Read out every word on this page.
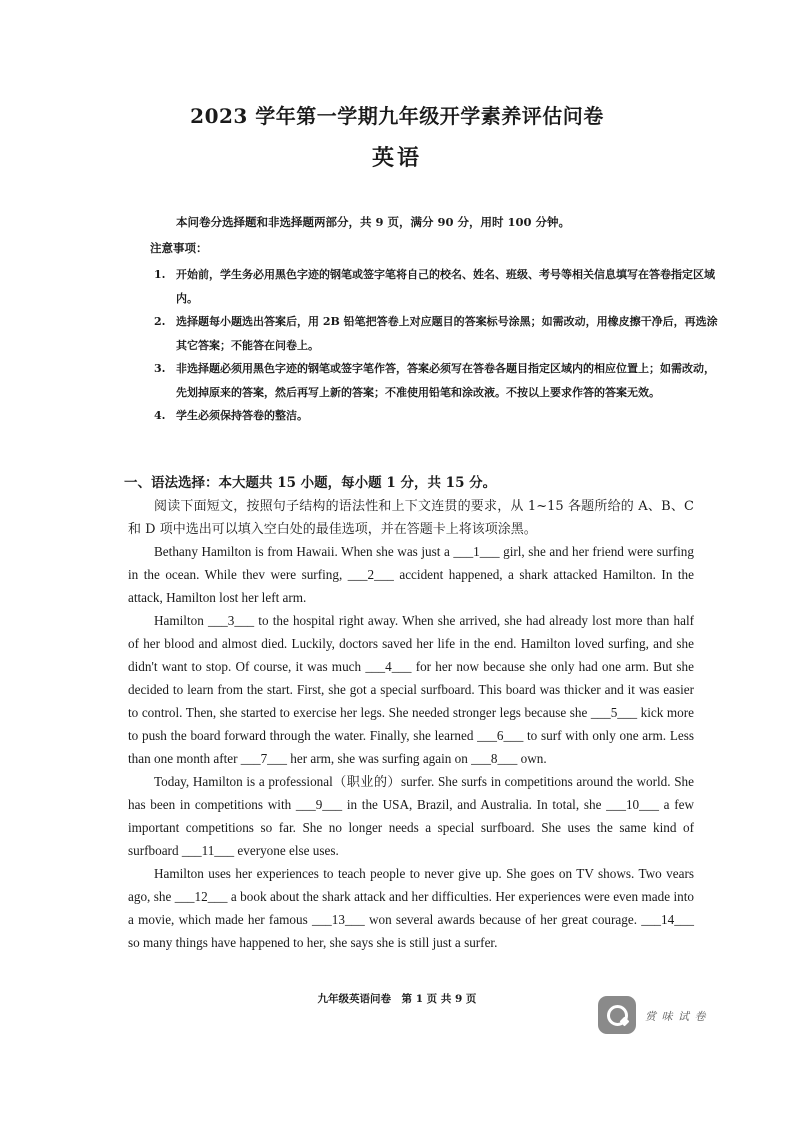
2023 学年第一学期九年级开学素养评估问卷
英语
本问卷分选择题和非选择题两部分，共 9 页，满分 90 分，用时 100 分钟。
注意事项：
1. 开始前，学生务必用黑色字迹的钢笔或签字笔将自己的校名、姓名、班级、考号等相关信息填写在答卷指定区域内。
2. 选择题每小题选出答案后，用 2B 铅笔把答卷上对应题目的答案标号涂黑；如需改动，用橡皮擦干净后，再选涂其它答案；不能答在问卷上。
3. 非选择题必须用黑色字迹的钢笔或签字笔作答，答案必须写在答卷各题目指定区域内的相应位置上；如需改动，先划掉原来的答案，然后再写上新的答案；不准使用铅笔和涂改液。不按以上要求作答的答案无效。
4. 学生必须保持答卷的整洁。
一、语法选择：本大题共 15 小题，每小题 1 分，共 15 分。
阅读下面短文，按照句子结构的语法性和上下文连贯的要求，从 1~15 各题所给的 A、B、C 和 D 项中选出可以填入空白处的最佳选项，并在答题卡上将该项涂黑。

Bethany Hamilton is from Hawaii. When she was just a ___1___ girl, she and her friend were surfing in the ocean. While thev were surfing, ___2___ accident happened, a shark attacked Hamilton. In the attack, Hamilton lost her left arm.

Hamilton ___3___ to the hospital right away. When she arrived, she had already lost more than half of her blood and almost died. Luckily, doctors saved her life in the end. Hamilton loved surfing, and she didn't want to stop. Of course, it was much ___4___ for her now because she only had one arm. But she decided to learn from the start. First, she got a special surfboard. This board was thicker and it was easier to control. Then, she started to exercise her legs. She needed stronger legs because she ___5___ kick more to push the board forward through the water. Finally, she learned ___6___ to surf with only one arm. Less than one month after ___7___ her arm, she was surfing again on ___8___ own.

Today, Hamilton is a professional（职业的）surfer. She surfs in competitions around the world. She has been in competitions with ___9___ in the USA, Brazil, and Australia. In total, she ___10___ a few important competitions so far. She no longer needs a special surfboard. She uses the same kind of surfboard ___11___ everyone else uses.

Hamilton uses her experiences to teach people to never give up. She goes on TV shows. Two vears ago, she ___12___ a book about the shark attack and her difficulties. Her experiences were even made into a movie, which made her famous ___13___ won several awards because of her great courage. ___14___ so many things have happened to her, she says she is still just a surfer.

九年级英语问卷　第 1 页 共 9 页
赏 味 试 卷
